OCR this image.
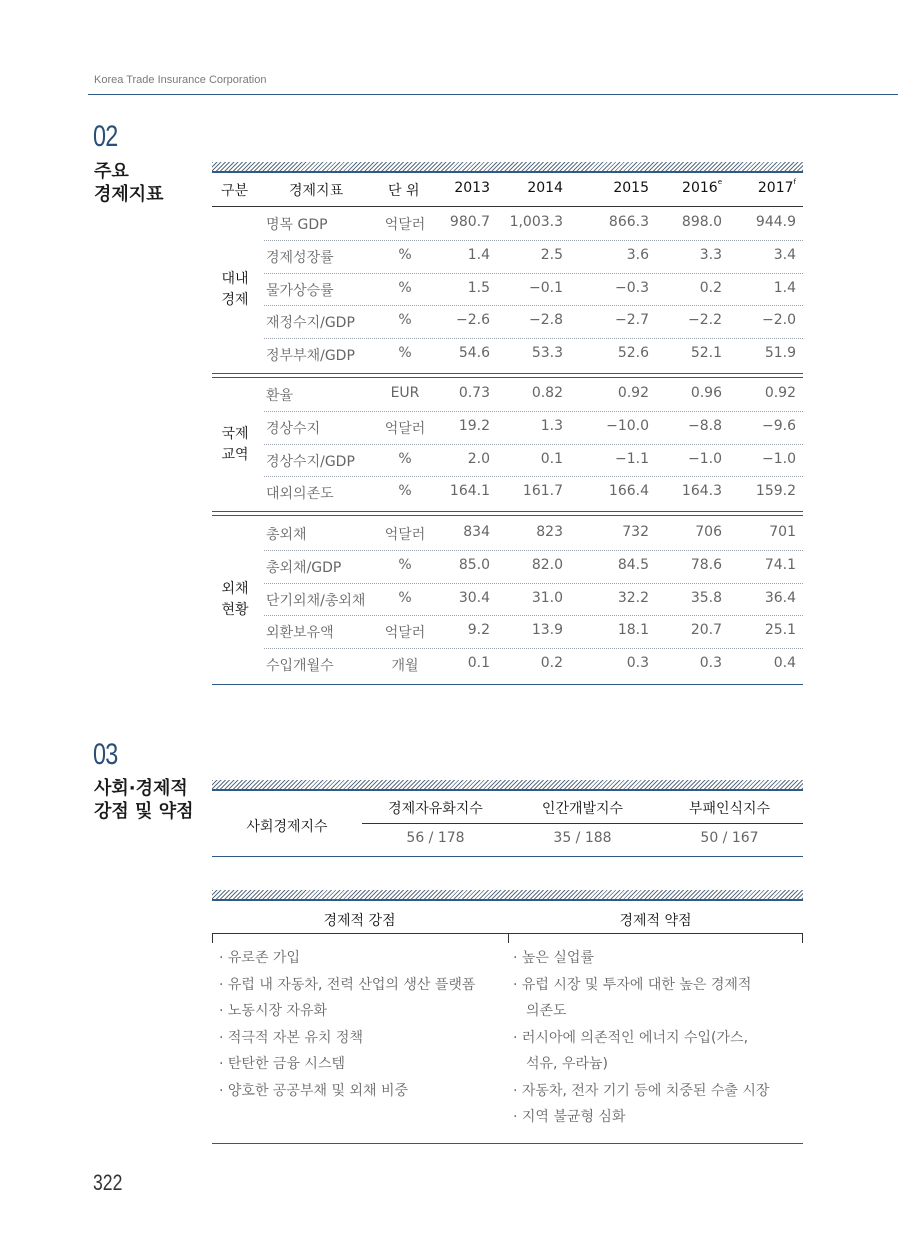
Korea Trade Insurance Corporation
02
주요
경제지표	구분	경제지표	단 위	2013	2014	2015	2016e	2017$^f$
대내
경제
명목 GDP	억달러	980.7	1,003.3	866.3	898.0	944.9
경제성장률	%	1.4	2.5	3.6	3.3	3.4
물가상승률	%	1.5	−0.1	−0.3	0.2	1.4
재정수지/GDP	%	−2.6	−2.8	−2.7	−2.2	−2.0
정부부채/GDP	%	54.6	53.3	52.6	52.1	51.9
국제
교역
환율	EUR	0.73	0.82	0.92	0.96	0.92
경상수지	억달러	19.2	1.3	−10.0	−8.8	−9.6
경상수지/GDP	%	2.0	0.1	−1.1	−1.0	−1.0
대외의존도	%	164.1	161.7	166.4	164.3	159.2
외채
현황
총외채	억달러	834	823	732	706	701
총외채/GDP	%	85.0	82.0	84.5	78.6	74.1
단기외채/총외채	%	30.4	31.0	32.2	35.8	36.4
외환보유액	억달러	9.2	13.9	18.1	20.7	25.1
수입개월수	개월	0.1	0.2	0.3	0.3	0.4
03
사회·경제적
강점 및 약점
사회경제지수
경제자유화지수	인간개발지수	부패인식지수
56 / 178	35 / 188	50 / 167
경제적 강점	경제적 약점
· 유로존 가입
· 유럽 내 자동차, 전력 산업의 생산 플랫폼
· 노동시장 자유화
· 적극적 자본 유치 정책
· 탄탄한 금융 시스템
· 양호한 공공부채 및 외채 비중
· 높은 실업률
· 유럽 시장 및 투자에 대한 높은 경제적
의존도
· 러시아에 의존적인 에너지 수입(가스,
석유, 우라늄)
· 자동차, 전자 기기 등에 치중된 수출 시장
· 지역 불균형 심화
322
